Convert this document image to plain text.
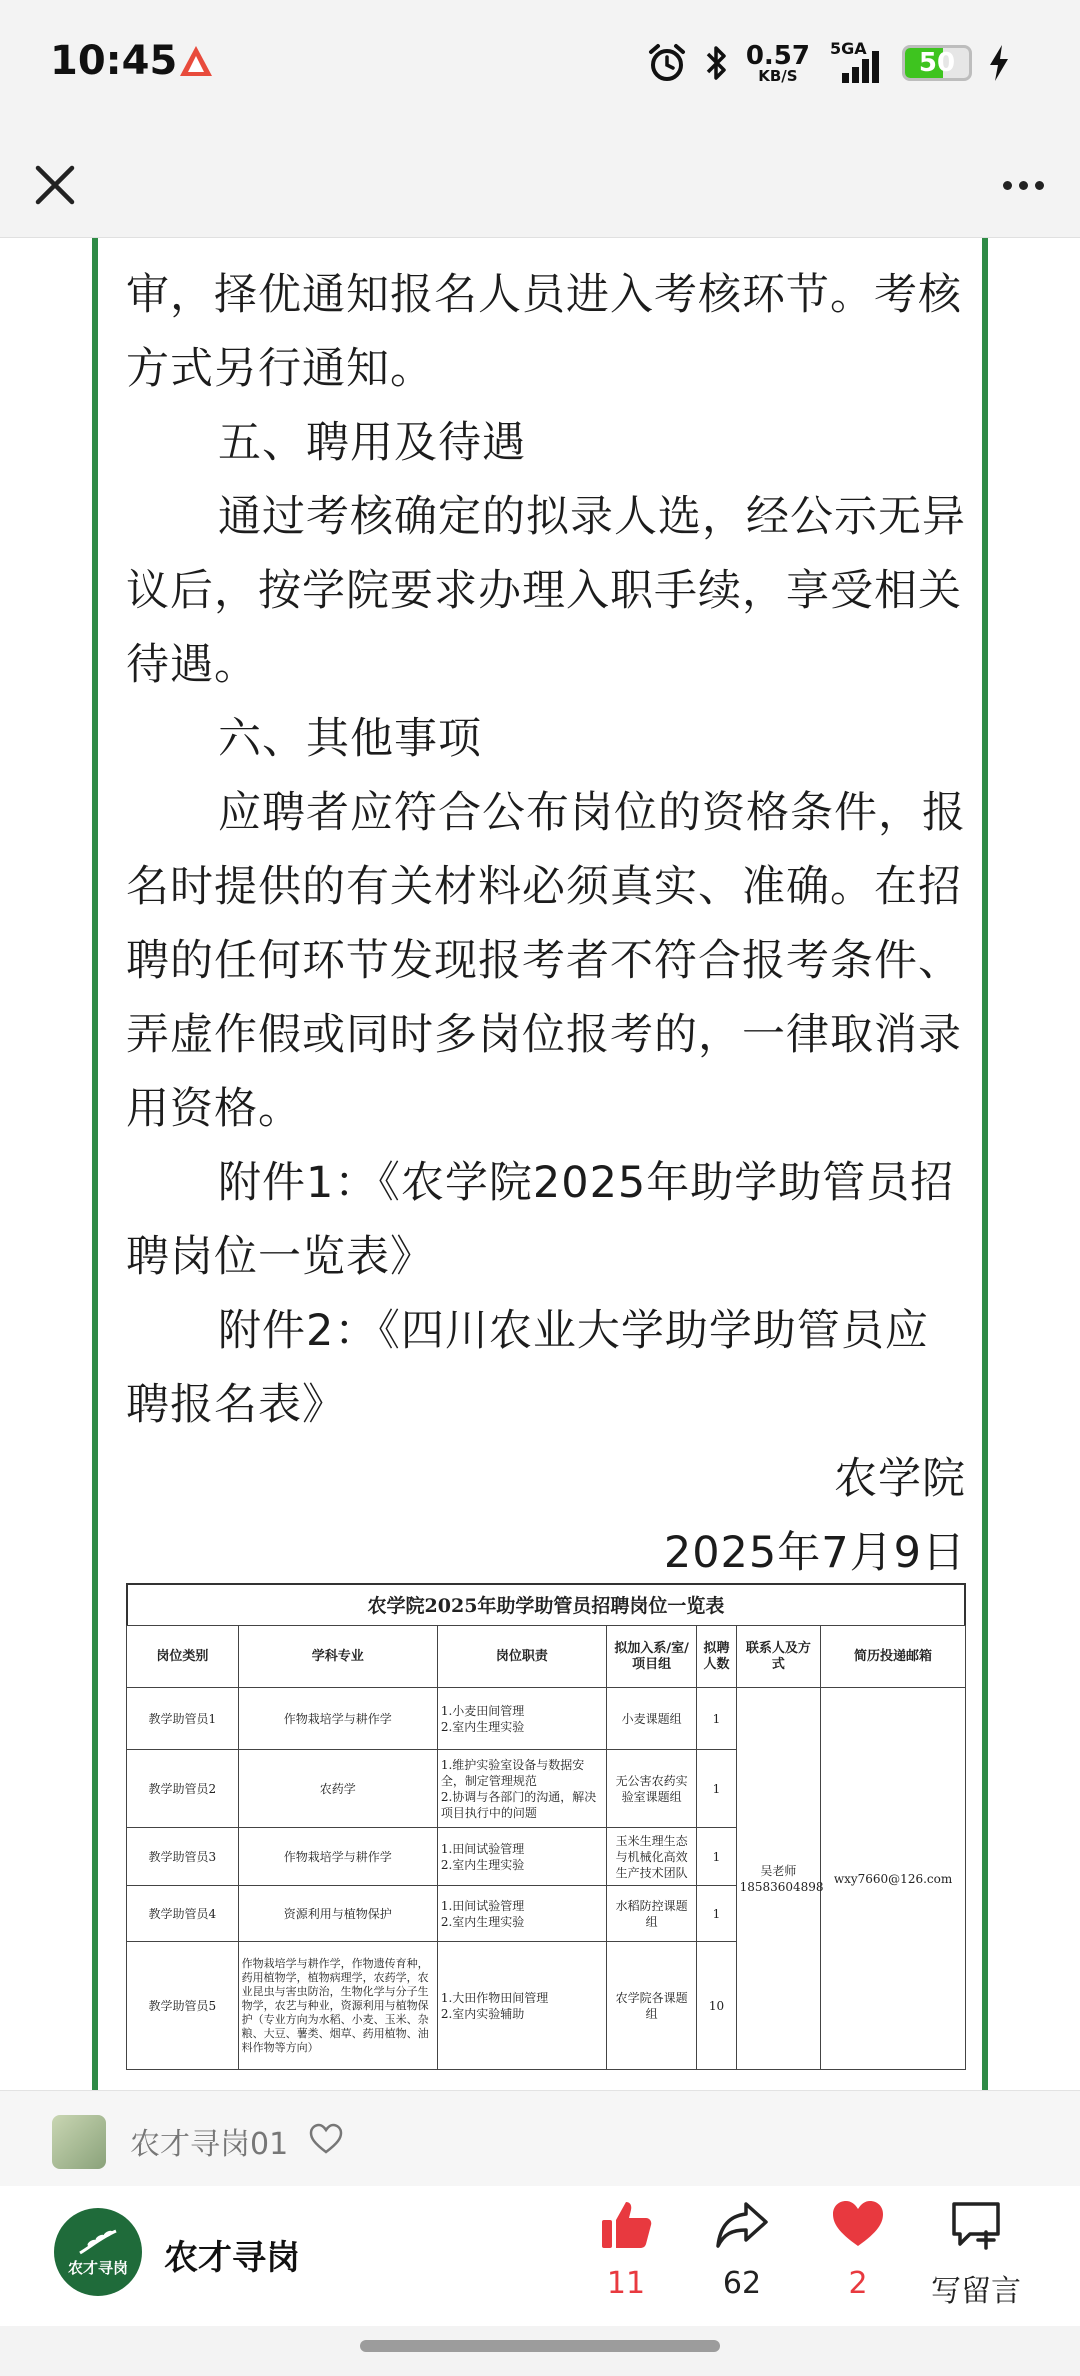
10:45	0.57
KB/S
5GA	50

审，择优通知报名人员进入考核环节。考核方式另行通知。

五、聘用及待遇

通过考核确定的拟录人选，经公示无异议后，按学院要求办理入职手续，享受相关待遇。

六、其他事项

应聘者应符合公布岗位的资格条件，报名时提供的有关材料必须真实、准确。在招聘的任何环节发现报考者不符合报考条件、弄虚作假或同时多岗位报考的，一律取消录用资格。

附件1：《农学院2025年助学助管员招聘岗位一览表》

附件2：《四川农业大学助学助管员应聘报名表》

农学院

2025年7月9日

农学院2025年助学助管员招聘岗位一览表
岗位类别	学科专业	岗位职责	拟加入系/室/项目组	拟聘人数	联系人及方式	简历投递邮箱
教学助管员1	作物栽培学与耕作学	1.小麦田间管理
2.室内生理实验	小麦课题组	1	吴老师
18583604898	wxy7660@126.com
教学助管员2	农药学	1.维护实验室设备与数据安全，制定管理规范
2.协调与各部门的沟通，解决项目执行中的问题	无公害农药实验室课题组	1		
教学助管员3	作物栽培学与耕作学	1.田间试验管理
2.室内生理实验	玉米生理生态与机械化高效生产技术团队	1		
教学助管员4	资源利用与植物保护	1.田间试验管理
2.室内生理实验	水稻防控课题组	1		
教学助管员5	作物栽培学与耕作学，作物遗传育种，药用植物学，植物病理学，农药学，农业昆虫与害虫防治，生物化学与分子生物学，农艺与种业，资源利用与植物保护（专业方向为水稻、小麦、玉米、杂粮、大豆、薯类、烟草、药用植物、油料作物等方向）	1.大田作物田间管理
2.室内实验辅助	农学院各课题组	10		
农才寻岗01
农才寻岗 农才寻岗
11	62	2	写留言
